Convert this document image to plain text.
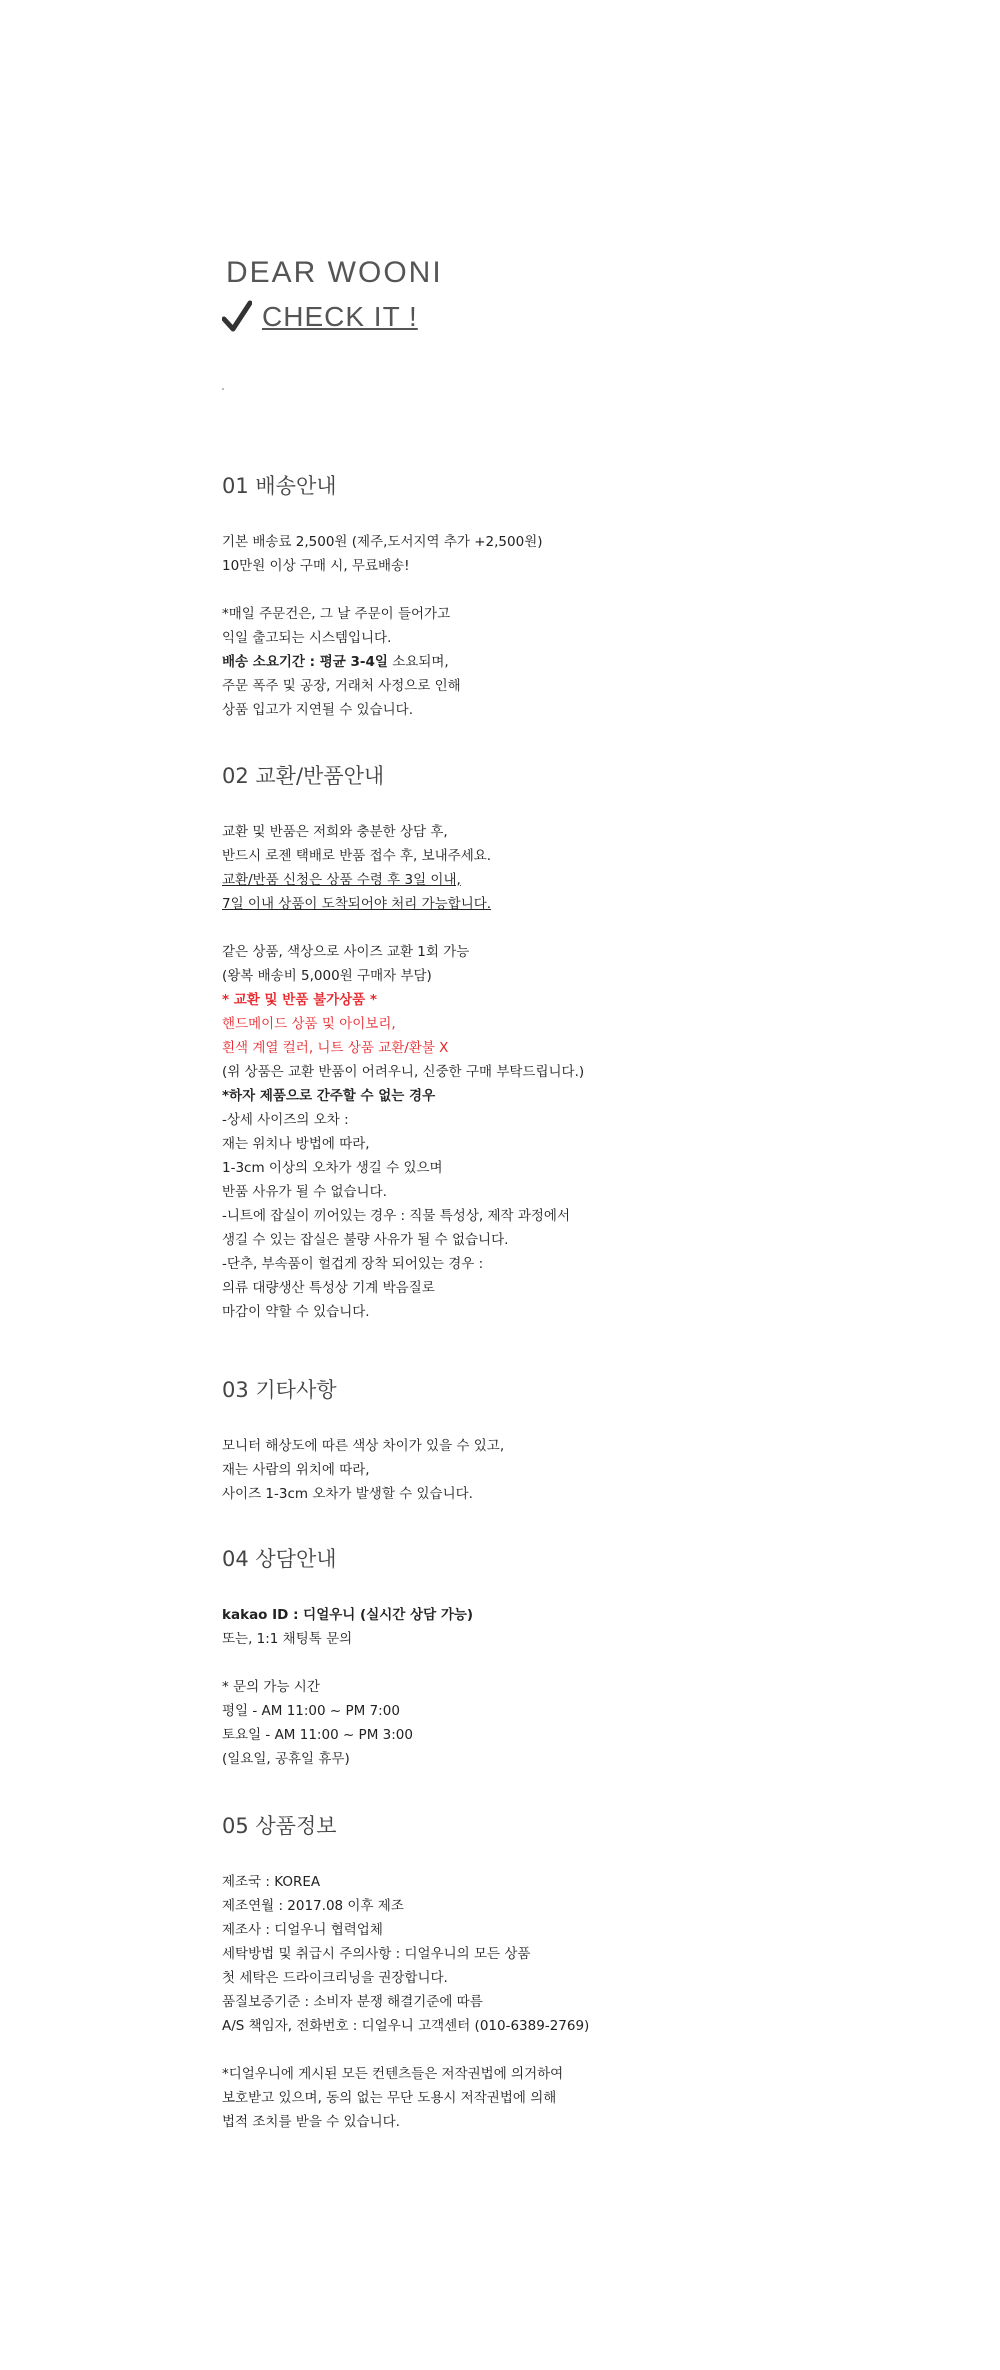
DEAR WOONI
CHECK IT !
01 배송안내
기본 배송료 2,500원 (제주,도서지역 추가 +2,500원)
10만원 이상 구매 시, 무료배송!
*매일 주문건은, 그 날 주문이 들어가고
익일 출고되는 시스템입니다.
배송 소요기간 : 평균 3-4일 소요되며,
주문 폭주 및 공장, 거래처 사정으로 인해
상품 입고가 지연될 수 있습니다.
02 교환/반품안내
교환 및 반품은 저희와 충분한 상담 후,
반드시 로젠 택배로 반품 접수 후, 보내주세요.
교환/반품 신청은 상품 수령 후 3일 이내,
7일 이내 상품이 도착되어야 처리 가능합니다.
같은 상품, 색상으로 사이즈 교환 1회 가능
(왕복 배송비 5,000원 구매자 부담)
* 교환 및 반품 불가상품 *
핸드메이드 상품 및 아이보리,
흰색 계열 컬러, 니트 상품 교환/환불 X
(위 상품은 교환 반품이 어려우니, 신중한 구매 부탁드립니다.)
*하자 제품으로 간주할 수 없는 경우
-상세 사이즈의 오차 :
재는 위치나 방법에 따라,
1-3cm 이상의 오차가 생길 수 있으며
반품 사유가 될 수 없습니다.
-니트에 잡실이 끼어있는 경우 : 직물 특성상, 제작 과정에서
생길 수 있는 잡실은 불량 사유가 될 수 없습니다.
-단추, 부속품이 헐겁게 장착 되어있는 경우 :
의류 대량생산 특성상 기계 박음질로
마감이 약할 수 있습니다.
03 기타사항
모니터 해상도에 따른 색상 차이가 있을 수 있고,
재는 사람의 위치에 따라,
사이즈 1-3cm 오차가 발생할 수 있습니다.
04 상담안내
kakao ID : 디얼우니 (실시간 상담 가능)
또는, 1:1 채팅톡 문의
* 문의 가능 시간
평일 - AM 11:00 ~ PM 7:00
토요일 - AM 11:00 ~ PM 3:00
(일요일, 공휴일 휴무)
05 상품정보
제조국 : KOREA
제조연월 : 2017.08 이후 제조
제조사 : 디얼우니 협력업체
세탁방법 및 취급시 주의사항 : 디얼우니의 모든 상품
첫 세탁은 드라이크리닝을 권장합니다.
품질보증기준 : 소비자 분쟁 해결기준에 따름
A/S 책임자, 전화번호 : 디얼우니 고객센터 (010-6389-2769)
*디얼우니에 게시된 모든 컨텐츠들은 저작권법에 의거하여
보호받고 있으며, 동의 없는 무단 도용시 저작권법에 의해
법적 조치를 받을 수 있습니다.
